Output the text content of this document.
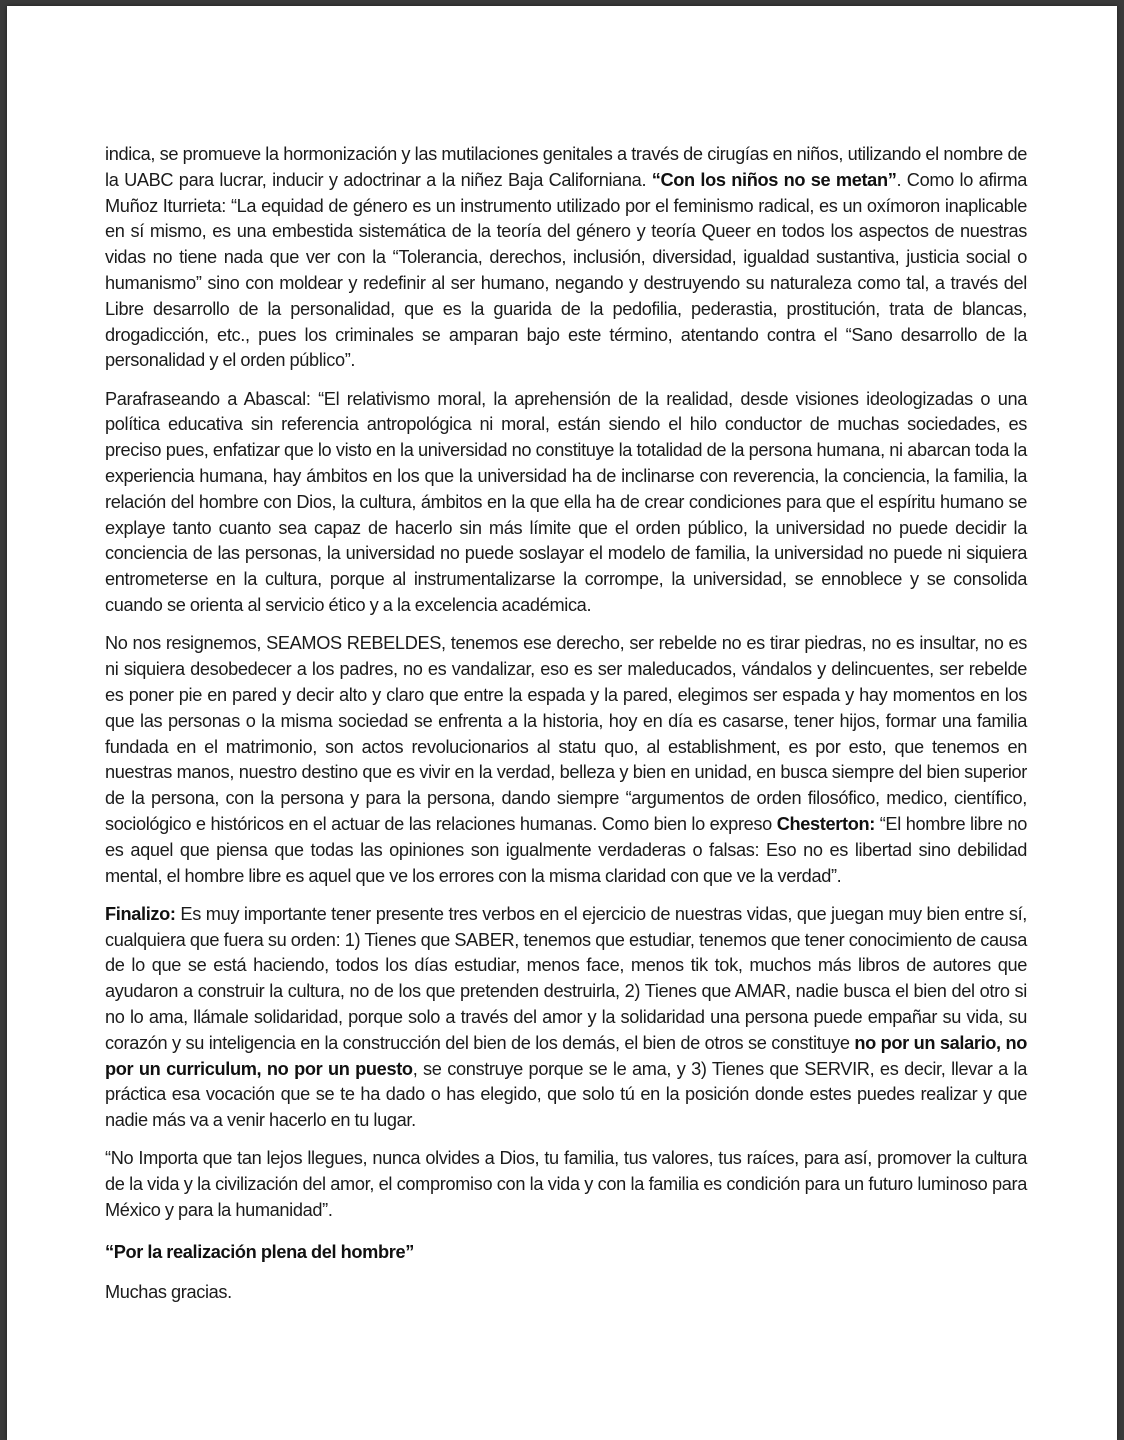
indica, se promueve la hormonización y las mutilaciones genitales a través de cirugías en niños, utilizando el nombre de la UABC para lucrar, inducir y adoctrinar a la niñez Baja Californiana. “Con los niños no se metan”. Como lo afirma Muñoz Iturrieta: “La equidad de género es un instrumento utilizado por el feminismo radical, es un oxímoron inaplicable en sí mismo, es una embestida sistemática de la teoría del género y teoría Queer en todos los aspectos de nuestras vidas no tiene nada que ver con la “Tolerancia, derechos, inclusión, diversidad, igualdad sustantiva, justicia social o humanismo” sino con moldear y redefinir al ser humano, negando y destruyendo su naturaleza como tal, a través del Libre desarrollo de la personalidad, que es la guarida de la pedofilia, pederastia, prostitución, trata de blancas, drogadicción, etc., pues los criminales se amparan bajo este término, atentando contra el “Sano desarrollo de la personalidad y el orden público”.

Parafraseando a Abascal: “El relativismo moral, la aprehensión de la realidad, desde visiones ideologizadas o una política educativa sin referencia antropológica ni moral, están siendo el hilo conductor de muchas sociedades, es preciso pues, enfatizar que lo visto en la universidad no constituye la totalidad de la persona humana, ni abarcan toda la experiencia humana, hay ámbitos en los que la universidad ha de inclinarse con reverencia, la conciencia, la familia, la relación del hombre con Dios, la cultura, ámbitos en la que ella ha de crear condiciones para que el espíritu humano se explaye tanto cuanto sea capaz de hacerlo sin más límite que el orden público, la universidad no puede decidir la conciencia de las personas, la universidad no puede soslayar el modelo de familia, la universidad no puede ni siquiera entrometerse en la cultura, porque al instrumentalizarse la corrompe, la universidad, se ennoblece y se consolida cuando se orienta al servicio ético y a la excelencia académica.

No nos resignemos, SEAMOS REBELDES, tenemos ese derecho, ser rebelde no es tirar piedras, no es insultar, no es ni siquiera desobedecer a los padres, no es vandalizar, eso es ser maleducados, vándalos y delincuentes, ser rebelde es poner pie en pared y decir alto y claro que entre la espada y la pared, elegimos ser espada y hay momentos en los que las personas o la misma sociedad se enfrenta a la historia, hoy en día es casarse, tener hijos, formar una familia fundada en el matrimonio, son actos revolucionarios al statu quo, al establishment, es por esto, que tenemos en nuestras manos, nuestro destino que es vivir en la verdad, belleza y bien en unidad, en busca siempre del bien superior de la persona, con la persona y para la persona, dando siempre “argumentos de orden filosófico, medico, científico, sociológico e históricos en el actuar de las relaciones humanas. Como bien lo expreso Chesterton: “El hombre libre no es aquel que piensa que todas las opiniones son igualmente verdaderas o falsas: Eso no es libertad sino debilidad mental, el hombre libre es aquel que ve los errores con la misma claridad con que ve la verdad”.

Finalizo: Es muy importante tener presente tres verbos en el ejercicio de nuestras vidas, que juegan muy bien entre sí, cualquiera que fuera su orden: 1) Tienes que SABER, tenemos que estudiar, tenemos que tener conocimiento de causa de lo que se está haciendo, todos los días estudiar, menos face, menos tik tok, muchos más libros de autores que ayudaron a construir la cultura, no de los que pretenden destruirla, 2) Tienes que AMAR, nadie busca el bien del otro si no lo ama, llámale solidaridad, porque solo a través del amor y la solidaridad una persona puede empañar su vida, su corazón y su inteligencia en la construcción del bien de los demás, el bien de otros se constituye no por un salario, no por un curriculum, no por un puesto, se construye porque se le ama, y 3) Tienes que SERVIR, es decir, llevar a la práctica esa vocación que se te ha dado o has elegido, que solo tú en la posición donde estes puedes realizar y que nadie más va a venir hacerlo en tu lugar.

“No Importa que tan lejos llegues, nunca olvides a Dios, tu familia, tus valores, tus raíces, para así, promover la cultura de la vida y la civilización del amor, el compromiso con la vida y con la familia es condición para un futuro luminoso para México y para la humanidad”.

“Por la realización plena del hombre”

Muchas gracias.
